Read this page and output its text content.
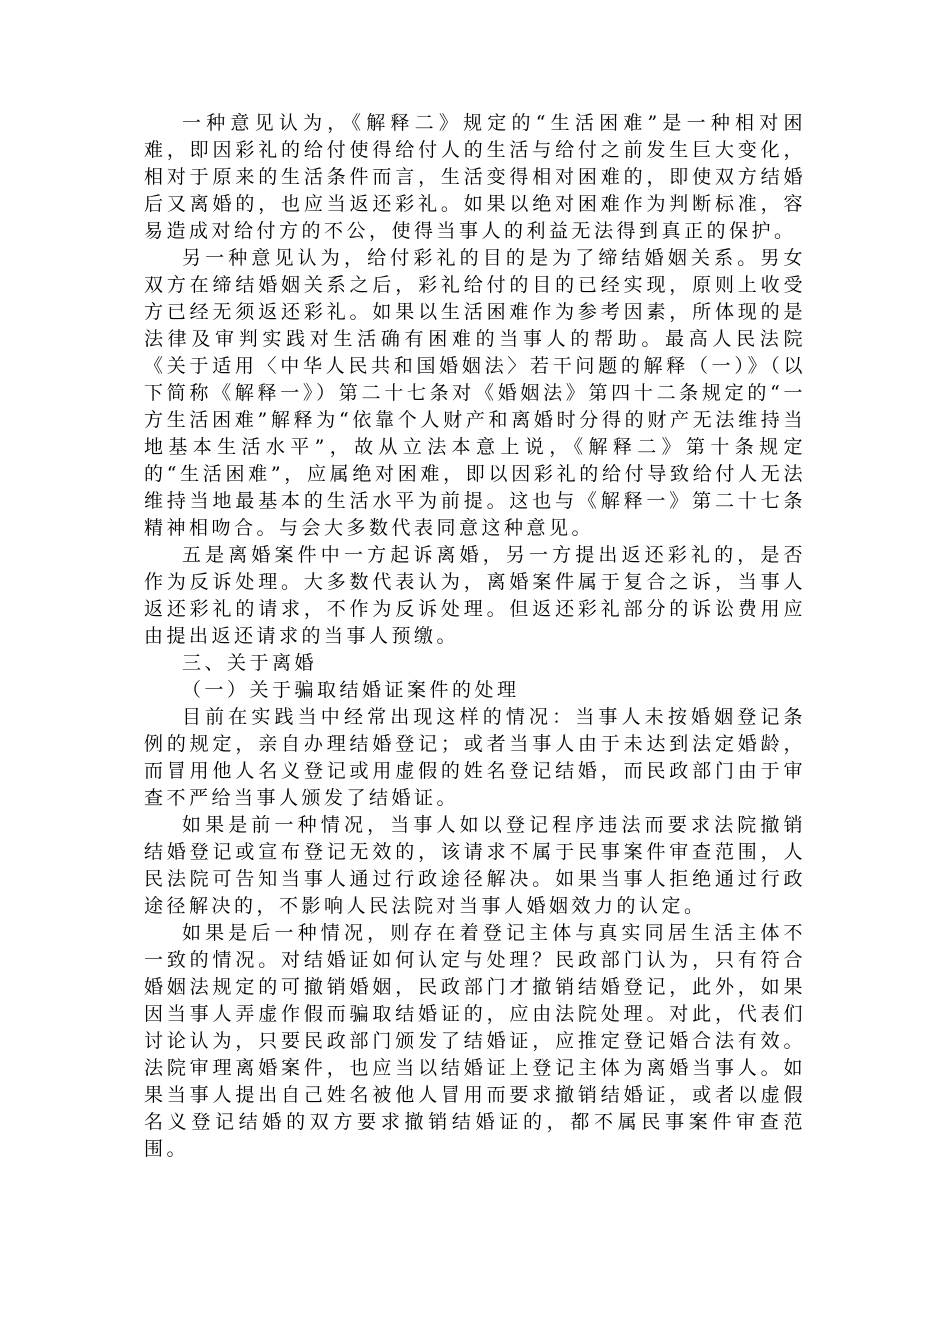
一种意见认为，《解释二》规定的“生活困难”是一种相对困难，即因彩礼的给付使得给付人的生活与给付之前发生巨大变化，相对于原来的生活条件而言，生活变得相对困难的，即使双方结婚后又离婚的，也应当返还彩礼。如果以绝对困难作为判断标准，容易造成对给付方的不公，使得当事人的利益无法得到真正的保护。

另一种意见认为，给付彩礼的目的是为了缔结婚姻关系。男女双方在缔结婚姻关系之后，彩礼给付的目的已经实现，原则上收受方已经无须返还彩礼。如果以生活困难作为参考因素，所体现的是法律及审判实践对生活确有困难的当事人的帮助。最高人民法院《关于适用〈中华人民共和国婚姻法〉若干问题的解释（一）》（以下简称《解释一》）第二十七条对《婚姻法》第四十二条规定的“一方生活困难”解释为“依靠个人财产和离婚时分得的财产无法维持当地基本生活水平”，故从立法本意上说，《解释二》第十条规定的“生活困难”，应属绝对困难，即以因彩礼的给付导致给付人无法维持当地最基本的生活水平为前提。这也与《解释一》第二十七条精神相吻合。与会大多数代表同意这种意见。

五是离婚案件中一方起诉离婚，另一方提出返还彩礼的，是否作为反诉处理。大多数代表认为，离婚案件属于复合之诉，当事人返还彩礼的请求，不作为反诉处理。但返还彩礼部分的诉讼费用应由提出返还请求的当事人预缴。

三、关于离婚

（一）关于骗取结婚证案件的处理

目前在实践当中经常出现这样的情况：当事人未按婚姻登记条例的规定，亲自办理结婚登记；或者当事人由于未达到法定婚龄，而冒用他人名义登记或用虚假的姓名登记结婚，而民政部门由于审查不严给当事人颁发了结婚证。

如果是前一种情况，当事人如以登记程序违法而要求法院撤销结婚登记或宣布登记无效的，该请求不属于民事案件审查范围，人民法院可告知当事人通过行政途径解决。如果当事人拒绝通过行政途径解决的，不影响人民法院对当事人婚姻效力的认定。

如果是后一种情况，则存在着登记主体与真实同居生活主体不一致的情况。对结婚证如何认定与处理？民政部门认为，只有符合婚姻法规定的可撤销婚姻，民政部门才撤销结婚登记，此外，如果因当事人弄虚作假而骗取结婚证的，应由法院处理。对此，代表们讨论认为，只要民政部门颁发了结婚证，应推定登记婚合法有效。法院审理离婚案件，也应当以结婚证上登记主体为离婚当事人。如果当事人提出自己姓名被他人冒用而要求撤销结婚证，或者以虚假名义登记结婚的双方要求撤销结婚证的，都不属民事案件审查范围。
